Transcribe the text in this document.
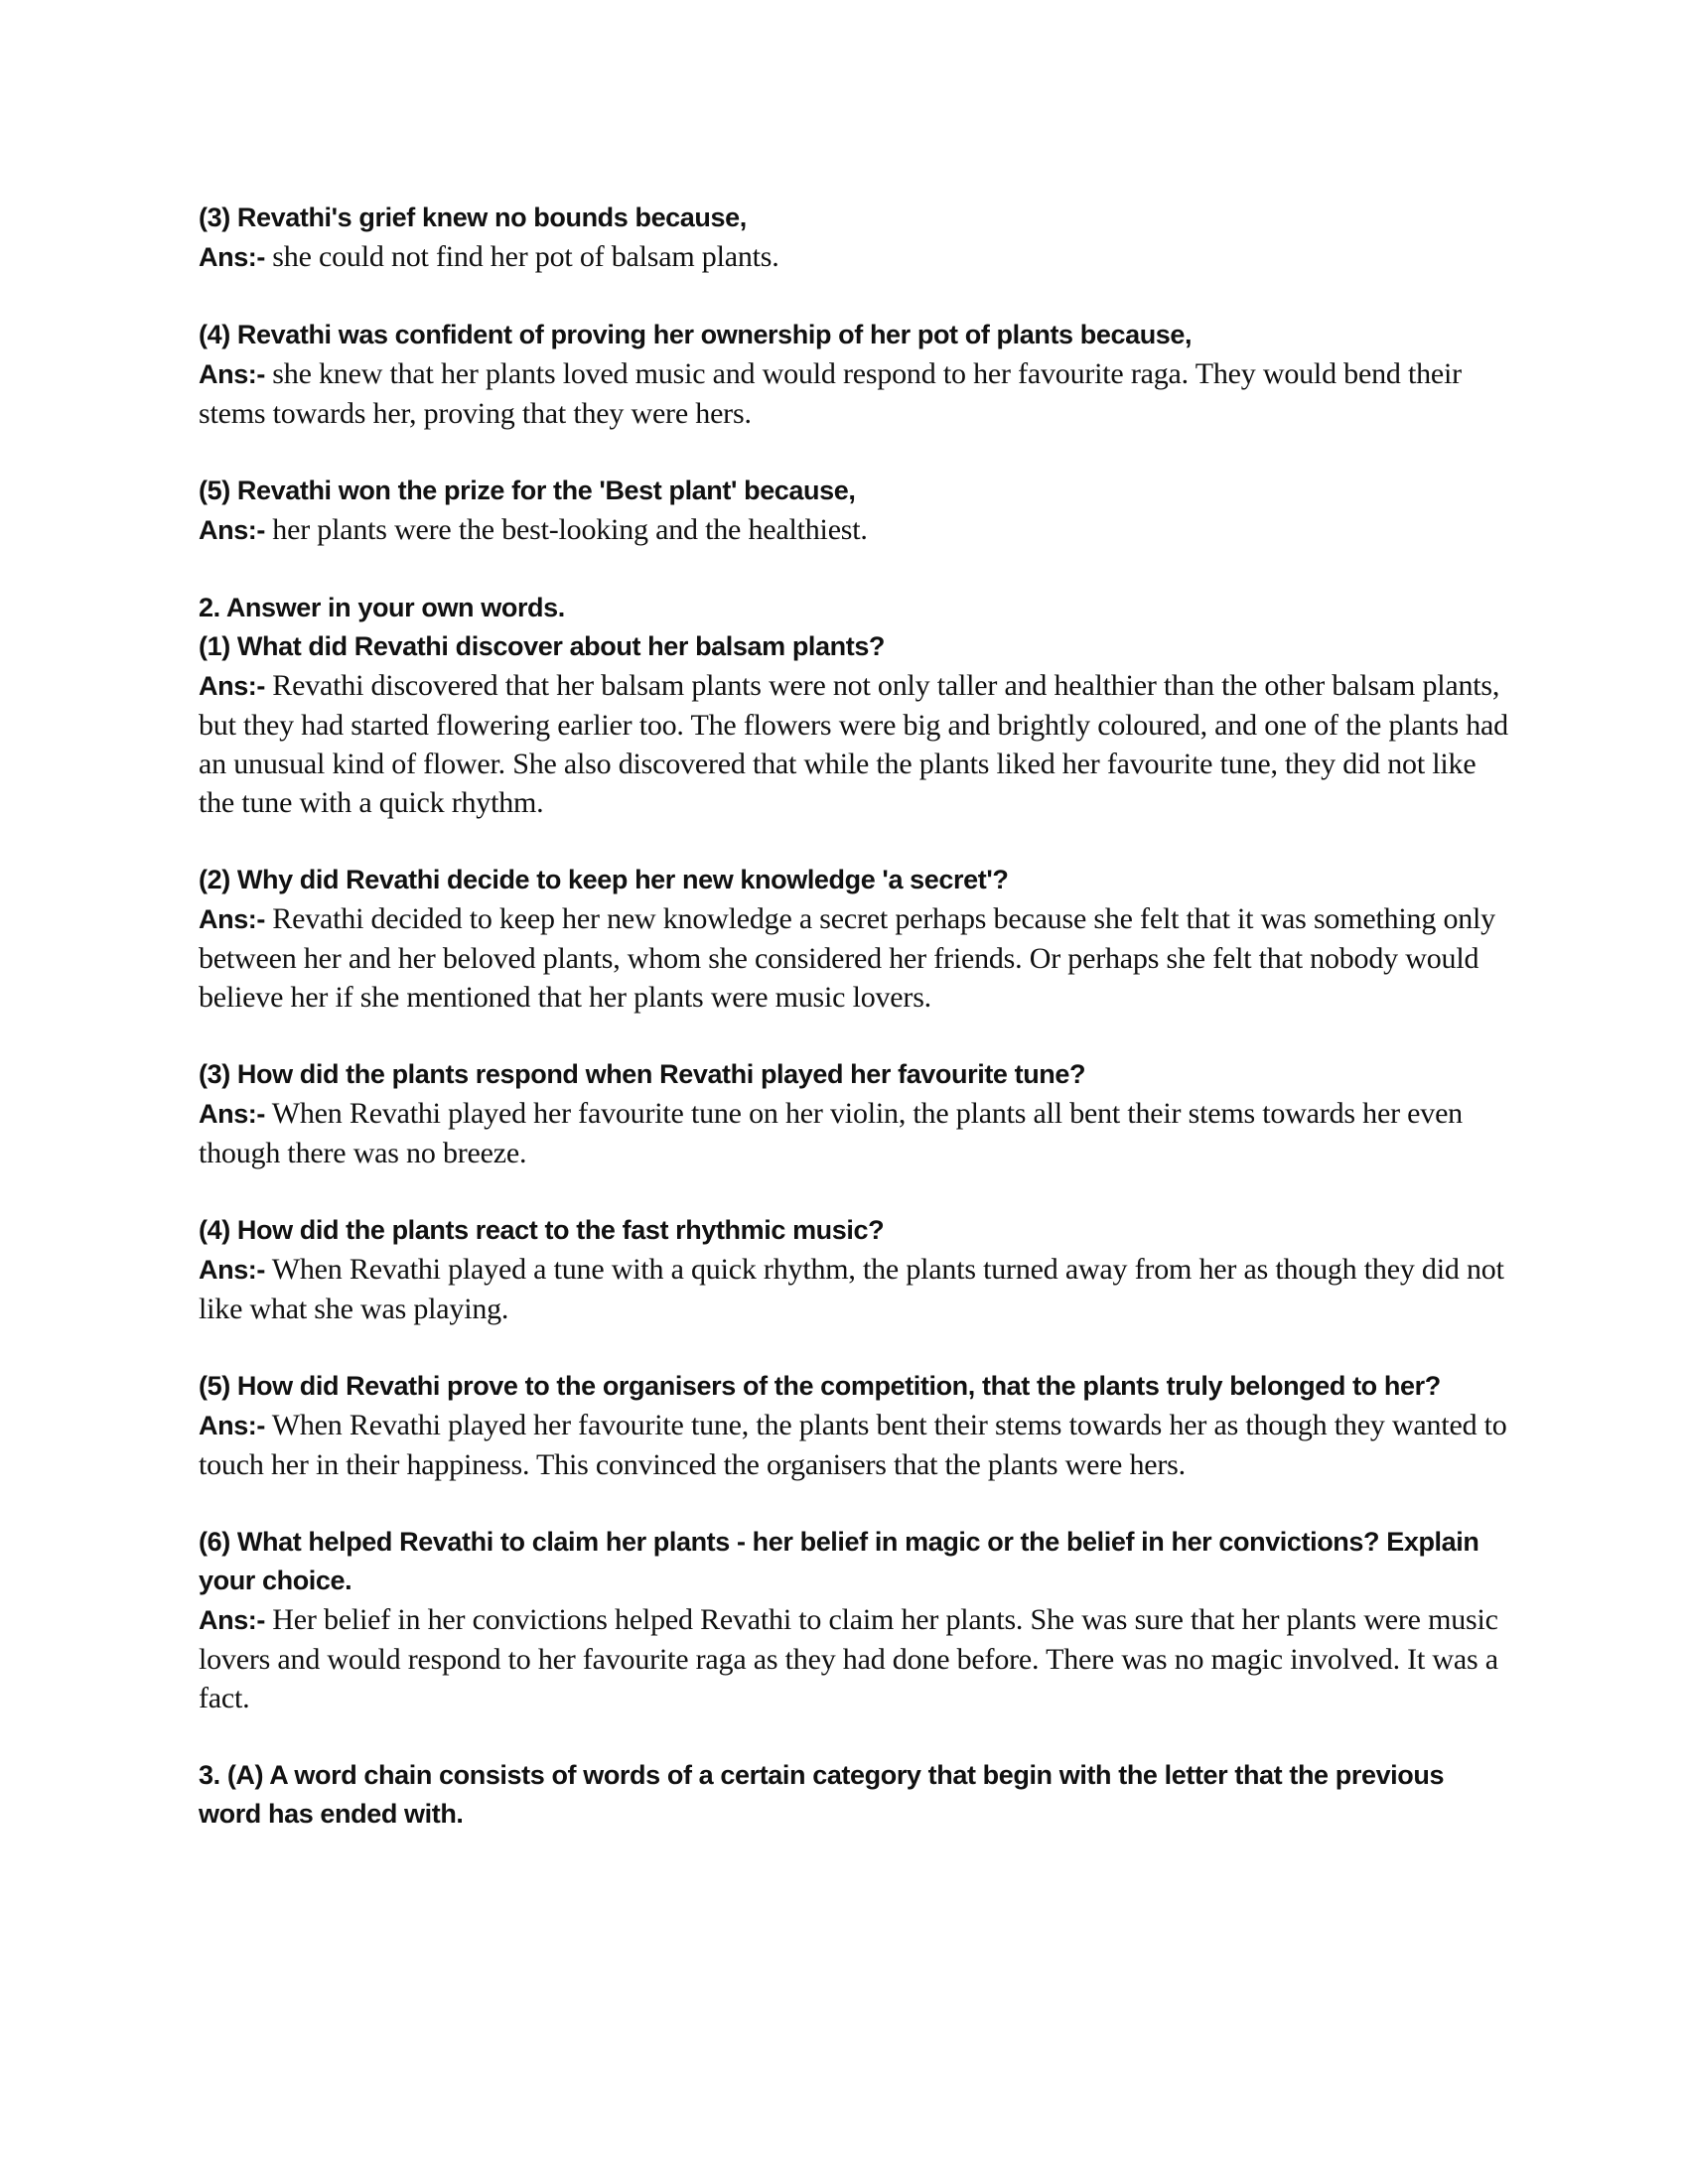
(3) Revathi's grief knew no bounds because,
Ans:- she could not find her pot of balsam plants.
(4) Revathi was confident of proving her ownership of her pot of plants because,
Ans:- she knew that her plants loved music and would respond to her favourite raga. They would bend their stems towards her, proving that they were hers.
(5) Revathi won the prize for the 'Best plant' because,
Ans:- her plants were the best-looking and the healthiest.
2. Answer in your own words.
(1) What did Revathi discover about her balsam plants?
Ans:- Revathi discovered that her balsam plants were not only taller and healthier than the other balsam plants, but they had started flowering earlier too. The flowers were big and brightly coloured, and one of the plants had an unusual kind of flower. She also discovered that while the plants liked her favourite tune, they did not like the tune with a quick rhythm.
(2) Why did Revathi decide to keep her new knowledge 'a secret'?
Ans:- Revathi decided to keep her new knowledge a secret perhaps because she felt that it was something only between her and her beloved plants, whom she considered her friends. Or perhaps she felt that nobody would believe her if she mentioned that her plants were music lovers.
(3) How did the plants respond when Revathi played her favourite tune?
Ans:- When Revathi played her favourite tune on her violin, the plants all bent their stems towards her even though there was no breeze.
(4) How did the plants react to the fast rhythmic music?
Ans:- When Revathi played a tune with a quick rhythm, the plants turned away from her as though they did not like what she was playing.
(5) How did Revathi prove to the organisers of the competition, that the plants truly belonged to her?
Ans:- When Revathi played her favourite tune, the plants bent their stems towards her as though they wanted to touch her in their happiness. This convinced the organisers that the plants were hers.
(6) What helped Revathi to claim her plants - her belief in magic or the belief in her convictions? Explain your choice.
Ans:- Her belief in her convictions helped Revathi to claim her plants. She was sure that her plants were music lovers and would respond to her favourite raga as they had done before. There was no magic involved. It was a fact.
3. (A) A word chain consists of words of a certain category that begin with the letter that the previous word has ended with.
